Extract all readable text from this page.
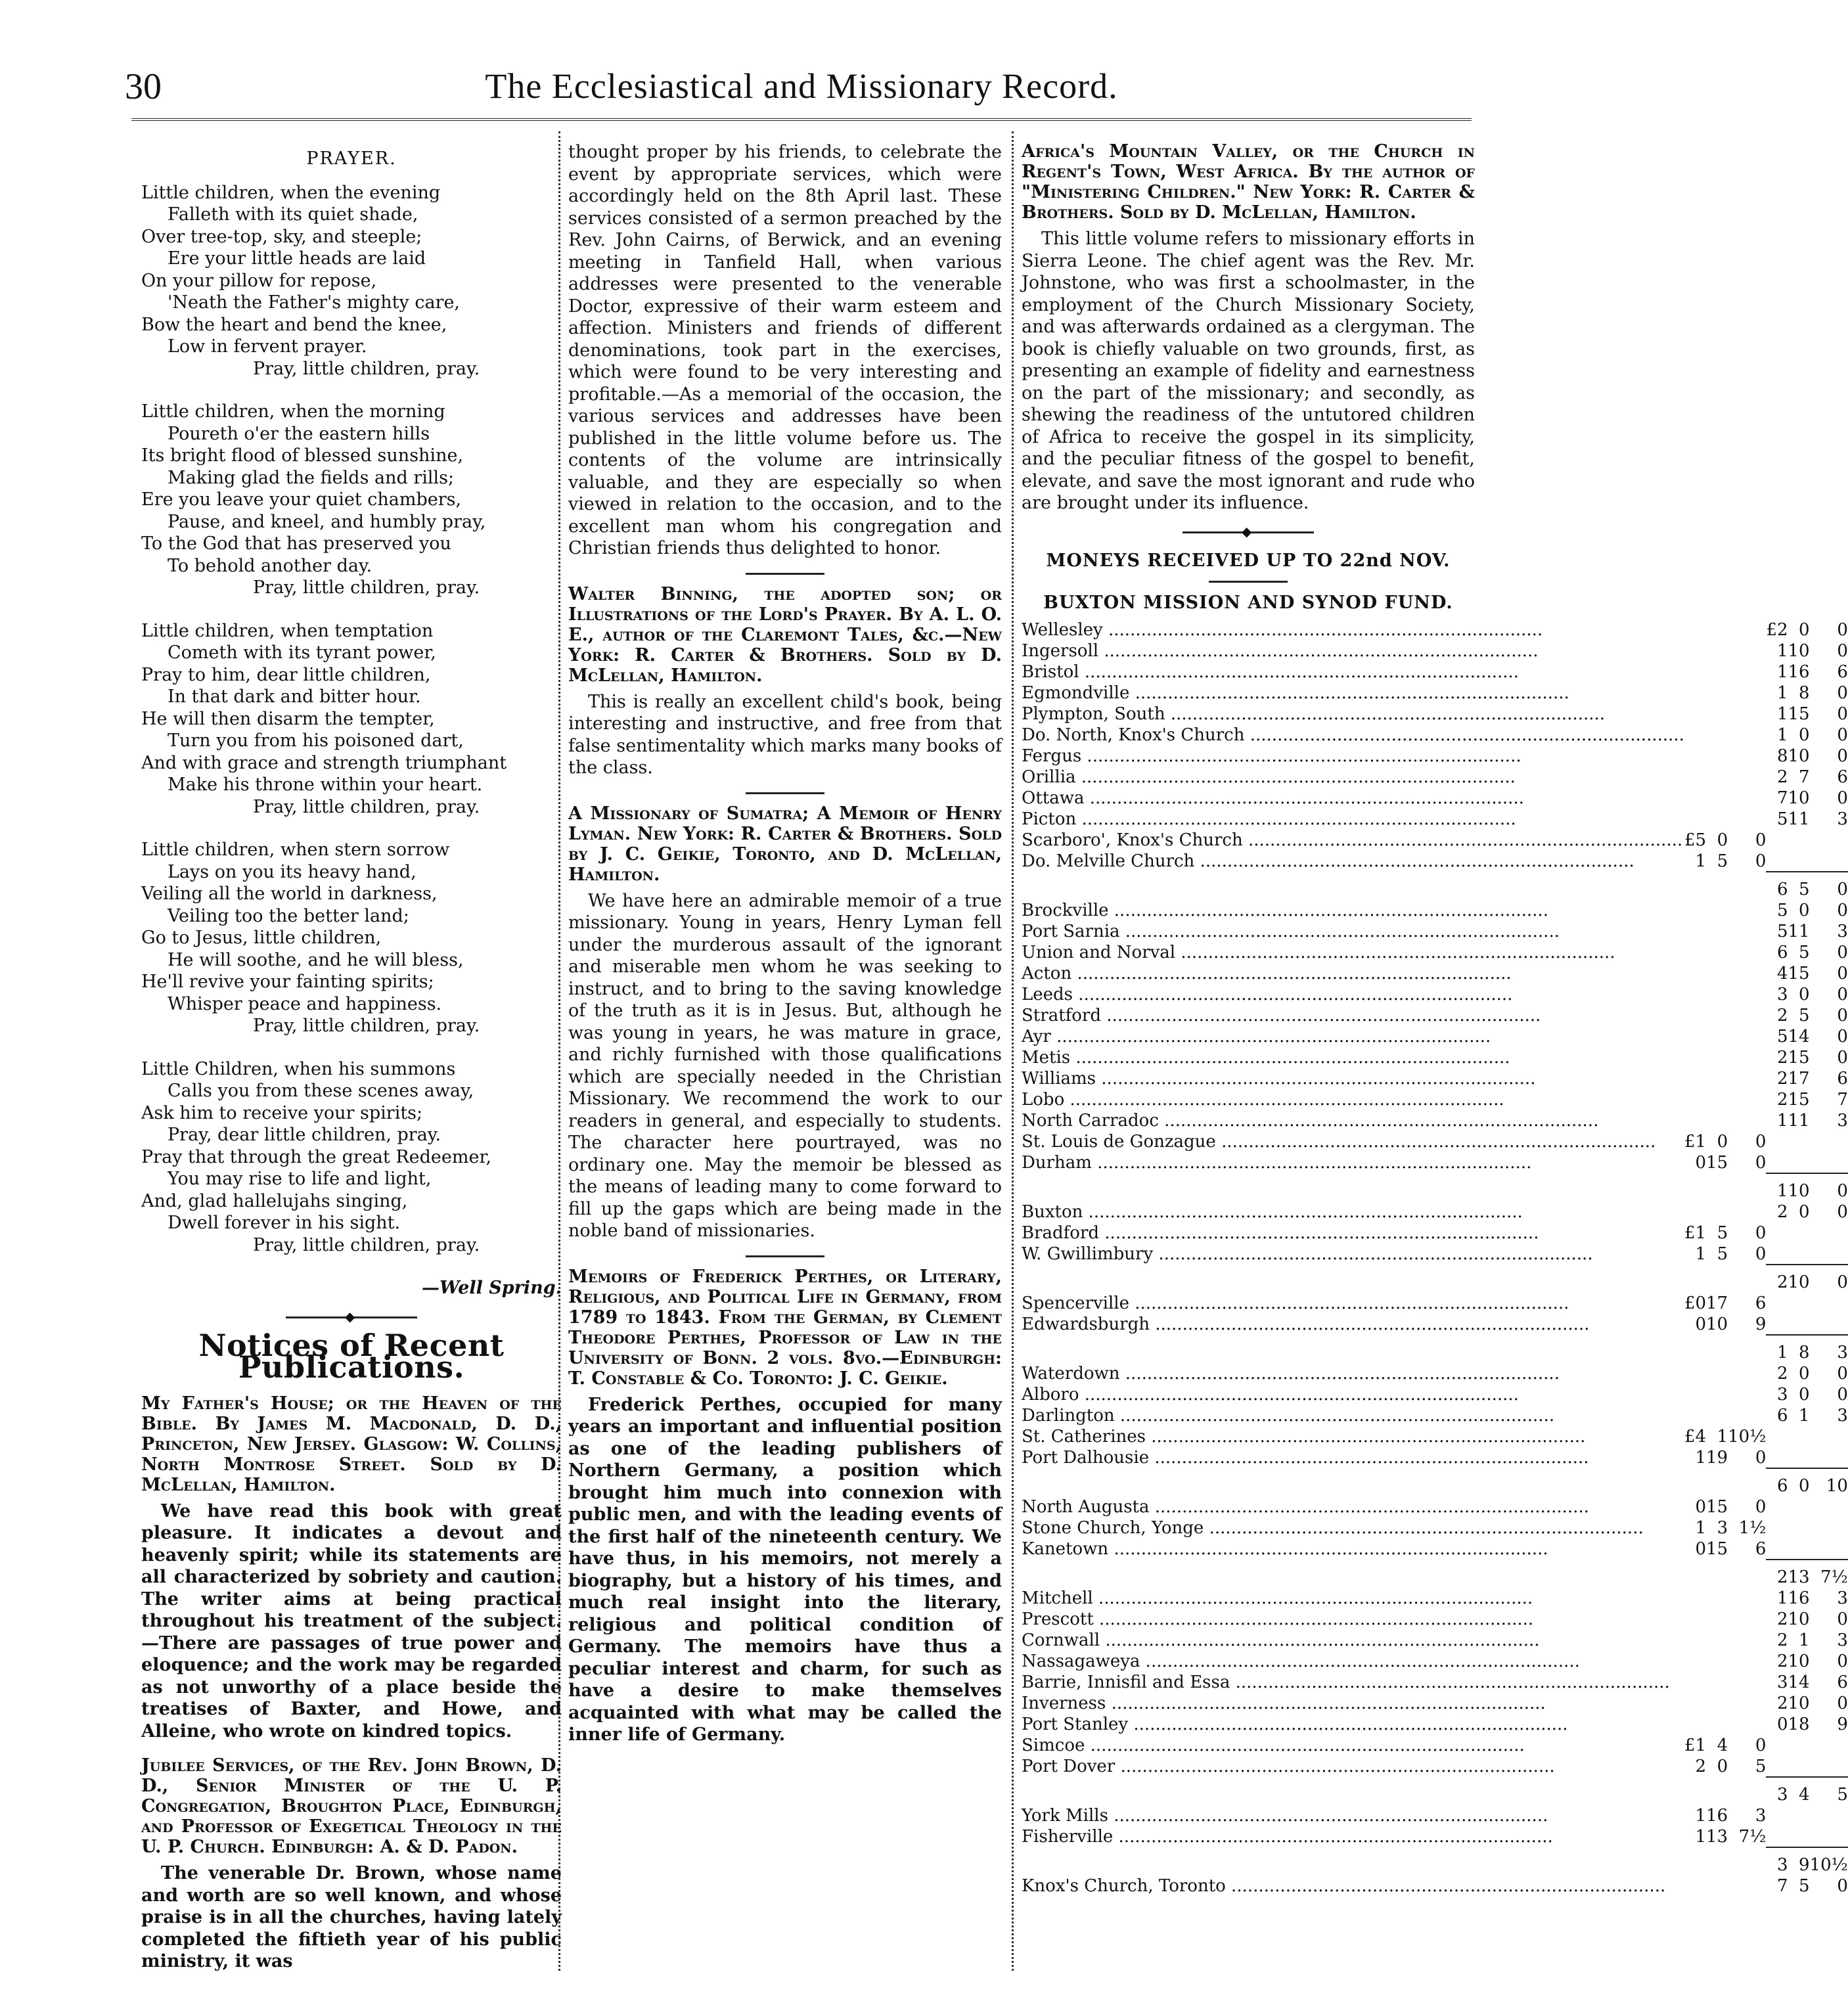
30	The Ecclesiastical and Missionary Record.
PRAYER.

Little children, when the evening

Falleth with its quiet shade,

Over tree-top, sky, and steeple;

Ere your little heads are laid

On your pillow for repose,

'Neath the Father's mighty care,

Bow the heart and bend the knee,

Low in fervent prayer.

Pray, little children, pray.

Little children, when the morning

Poureth o'er the eastern hills

Its bright flood of blessed sunshine,

Making glad the fields and rills;

Ere you leave your quiet chambers,

Pause, and kneel, and humbly pray,

To the God that has preserved you

To behold another day.

Pray, little children, pray.

Little children, when temptation

Cometh with its tyrant power,

Pray to him, dear little children,

In that dark and bitter hour.

He will then disarm the tempter,

Turn you from his poisoned dart,

And with grace and strength triumphant

Make his throne within your heart.

Pray, little children, pray.

Little children, when stern sorrow

Lays on you its heavy hand,

Veiling all the world in darkness,

Veiling too the better land;

Go to Jesus, little children,

He will soothe, and he will bless,

He'll revive your fainting spirits;

Whisper peace and happiness.

Pray, little children, pray.

Little Children, when his summons

Calls you from these scenes away,

Ask him to receive your spirits;

Pray, dear little children, pray.

Pray that through the great Redeemer,

You may rise to life and light,

And, glad hallelujahs singing,

Dwell forever in his sight.

Pray, little children, pray.

—Well Spring.
◆
Notices of Recent Publications.

My Father's House; or the Heaven of the Bible. By James M. Macdonald, D. D., Princeton, New Jersey. Glasgow: W. Collins, North Montrose Street. Sold by D. McLellan, Hamilton.

We have read this book with great pleasure. It indicates a devout and heavenly spirit; while its statements are all characterized by sobriety and caution. The writer aims at being practical throughout his treatment of the subject.—There are passages of true power and eloquence; and the work may be regarded as not unworthy of a place beside the treatises of Baxter, and Howe, and Alleine, who wrote on kindred topics.

Jubilee Services, of the Rev. John Brown, D. D., Senior Minister of the U. P. Congregation, Broughton Place, Edinburgh, and Professor of Exegetical Theology in the U. P. Church. Edinburgh: A. & D. Padon.

The venerable Dr. Brown, whose name and worth are so well known, and whose praise is in all the churches, having lately completed the fiftieth year of his public ministry, it was

thought proper by his friends, to celebrate the event by appropriate services, which were accordingly held on the 8th April last. These services consisted of a sermon preached by the Rev. John Cairns, of Berwick, and an evening meeting in Tanfield Hall, when various addresses were presented to the venerable Doctor, expressive of their warm esteem and affection. Ministers and friends of different denominations, took part in the exercises, which were found to be very interesting and profitable.—As a memorial of the occasion, the various services and addresses have been published in the little volume before us. The contents of the volume are intrinsically valuable, and they are especially so when viewed in relation to the occasion, and to the excellent man whom his congregation and Christian friends thus delighted to honor.

Walter Binning, the adopted son; or Illustrations of the Lord's Prayer. By A. L. O. E., author of the Claremont Tales, &c.—New York: R. Carter & Brothers. Sold by D. McLellan, Hamilton.

This is really an excellent child's book, being interesting and instructive, and free from that false sentimentality which marks many books of the class.

A Missionary of Sumatra; A Memoir of Henry Lyman. New York: R. Carter & Brothers. Sold by J. C. Geikie, Toronto, and D. McLellan, Hamilton.

We have here an admirable memoir of a true missionary. Young in years, Henry Lyman fell under the murderous assault of the ignorant and miserable men whom he was seeking to instruct, and to bring to the saving knowledge of the truth as it is in Jesus. But, although he was young in years, he was mature in grace, and richly furnished with those qualifications which are specially needed in the Christian Missionary. We recommend the work to our readers in general, and especially to students. The character here pourtrayed, was no ordinary one. May the memoir be blessed as the means of leading many to come forward to fill up the gaps which are being made in the noble band of missionaries.

Memoirs of Frederick Perthes, or Literary, Religious, and Political Life in Germany, from 1789 to 1843. From the German, by Clement Theodore Perthes, Professor of Law in the University of Bonn. 2 vols. 8vo.—Edinburgh: T. Constable & Co. Toronto: J. C. Geikie.

Frederick Perthes, occupied for many years an important and influential position as one of the leading publishers of Northern Germany, a position which brought him much into connexion with public men, and with the leading events of the first half of the nineteenth century. We have thus, in his memoirs, not merely a biography, but a history of his times, and much real insight into the literary, religious and political condition of Germany. The memoirs have thus a peculiar interest and charm, for such as have a desire to make themselves acquainted with what may be called the inner life of Germany.

Africa's Mountain Valley, or the Church in Regent's Town, West Africa. By the author of "Ministering Children." New York: R. Carter & Brothers. Sold by D. McLellan, Hamilton.

This little volume refers to missionary efforts in Sierra Leone. The chief agent was the Rev. Mr. Johnstone, who was first a schoolmaster, in the employment of the Church Missionary Society, and was afterwards ordained as a clergyman. The book is chiefly valuable on two grounds, first, as presenting an example of fidelity and earnestness on the part of the missionary; and secondly, as shewing the readiness of the untutored children of Africa to receive the gospel in its simplicity, and the peculiar fitness of the gospel to benefit, elevate, and save the most ignorant and rude who are brought under its influence.

◆
MONEYS RECEIVED UP TO 22nd NOV.
BUXTON MISSION AND SYNOD FUND.
Wellesley ................................................................................				£2	0	0
Ingersoll ................................................................................				1	10	0
Bristol ................................................................................				1	16	6
Egmondville ................................................................................				1	8	0
Plympton, South ................................................................................				1	15	0
Do. North, Knox's Church ................................................................................				1	0	0
Fergus ................................................................................				8	10	0
Orillia ................................................................................				2	7	6
Ottawa ................................................................................				7	10	0
Picton ................................................................................				5	11	3
Scarboro', Knox's Church ................................................................................	£5	0	0			
Do. Melville Church ................................................................................	1	5	0			

				6	5	0
Brockville ................................................................................				5	0	0
Port Sarnia ................................................................................				5	11	3
Union and Norval ................................................................................				6	5	0
Acton ................................................................................				4	15	0
Leeds ................................................................................				3	0	0
Stratford ................................................................................				2	5	0
Ayr ................................................................................				5	14	0
Metis ................................................................................				2	15	0
Williams ................................................................................				2	17	6
Lobo ................................................................................				2	15	7
North Carradoc ................................................................................				1	11	3
St. Louis de Gonzague ................................................................................	£1	0	0			
Durham ................................................................................	0	15	0			

				1	10	0
Buxton ................................................................................				2	0	0
Bradford ................................................................................	£1	5	0			
W. Gwillimbury ................................................................................	1	5	0			

				2	10	0
Spencerville ................................................................................	£0	17	6			
Edwardsburgh ................................................................................	0	10	9			

				1	8	3
Waterdown ................................................................................				2	0	0
Alboro ................................................................................				3	0	0
Darlington ................................................................................				6	1	3
St. Catherines ................................................................................	£4	1	10½			
Port Dalhousie ................................................................................	1	19	0			

				6	0	10
North Augusta ................................................................................	0	15	0			
Stone Church, Yonge ................................................................................	1	3	1½			
Kanetown ................................................................................	0	15	6			

				2	13	7½
Mitchell ................................................................................				1	16	3
Prescott ................................................................................				2	10	0
Cornwall ................................................................................				2	1	3
Nassagaweya ................................................................................				2	10	0
Barrie, Innisfil and Essa ................................................................................				3	14	6
Inverness ................................................................................				2	10	0
Port Stanley ................................................................................				0	18	9
Simcoe ................................................................................	£1	4	0			
Port Dover ................................................................................	2	0	5			

				3	4	5
York Mills ................................................................................	1	16	3			
Fisherville ................................................................................	1	13	7½			

				3	9	10½
Knox's Church, Toronto ................................................................................				7	5	0
